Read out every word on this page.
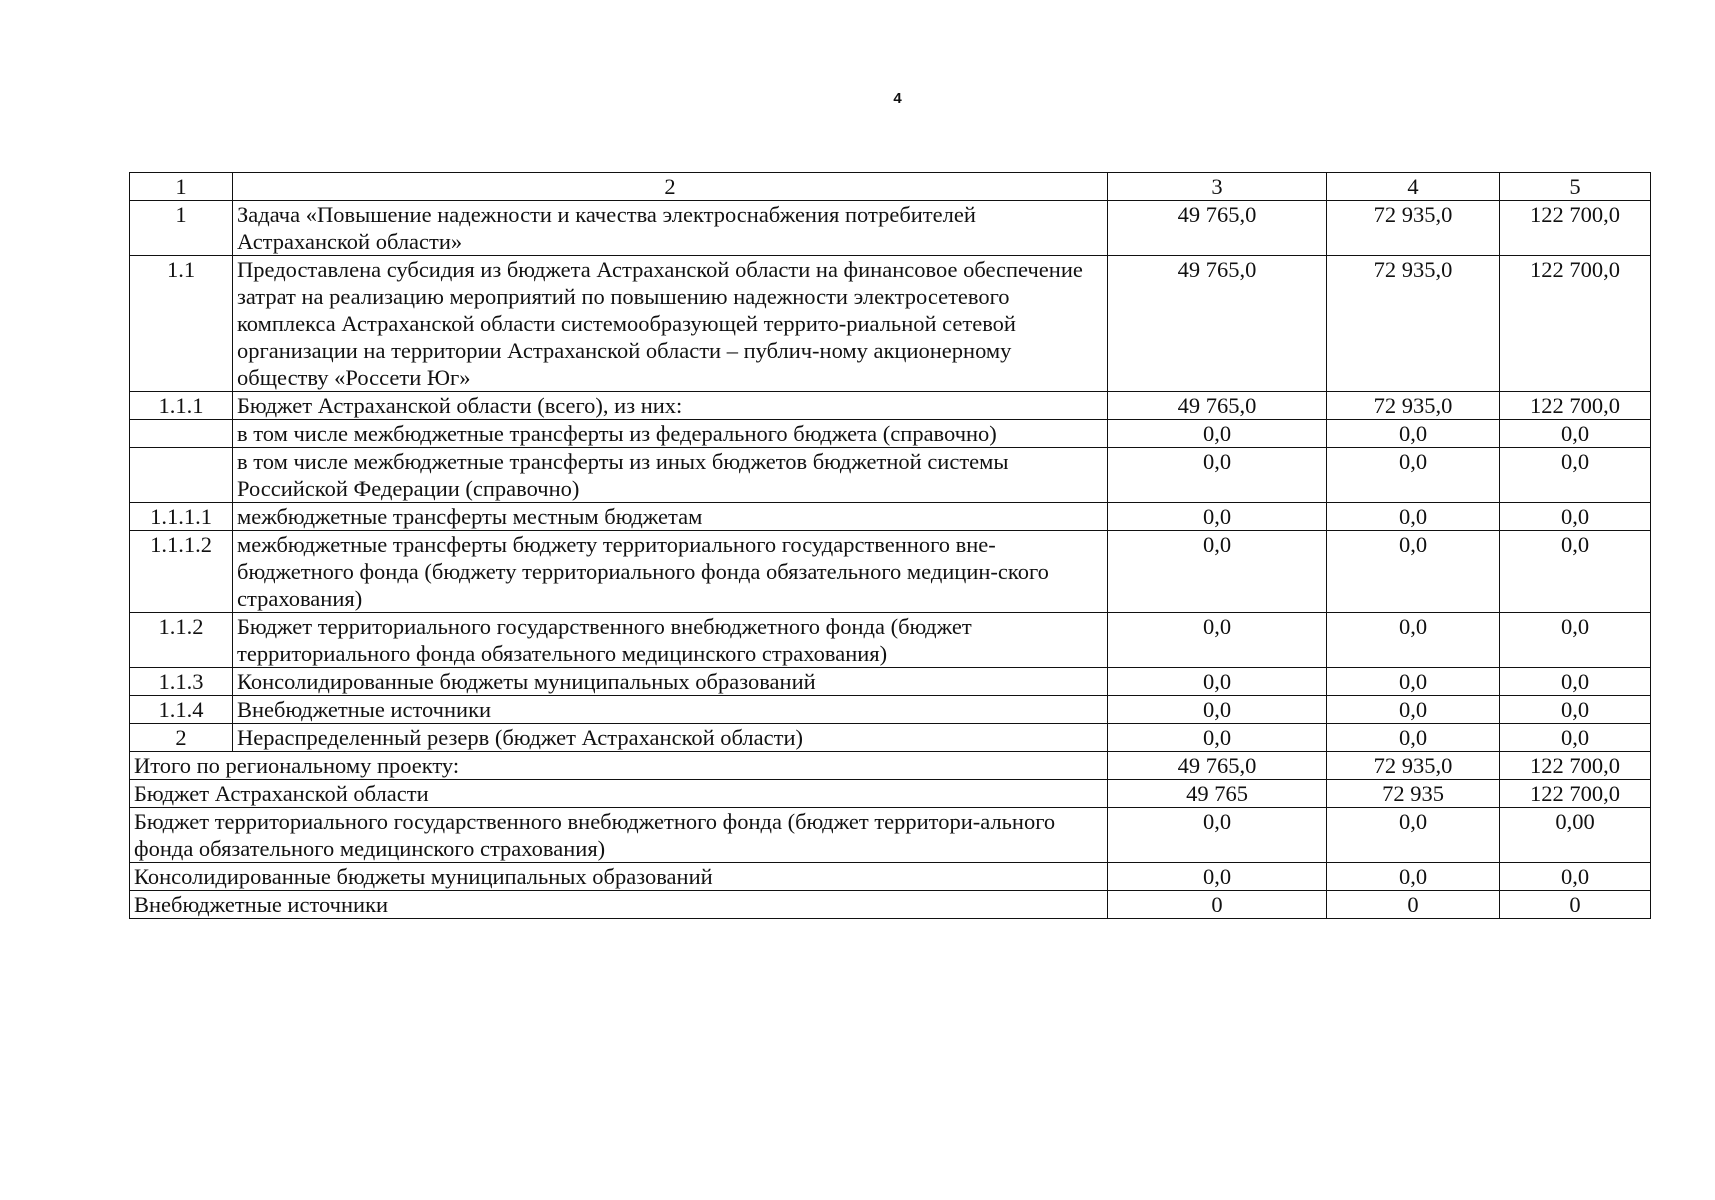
4
1	2	3	4	5
1	Задача «Повышение надежности и качества электроснабжения потребителей Астраханской области»	49 765,0	72 935,0	122 700,0
1.1	Предоставлена субсидия из бюджета Астраханской области на финансовое обеспечение затрат на реализацию мероприятий по повышению надежности электросетевого комплекса Астраханской области системообразующей террито-риальной сетевой организации на территории Астраханской области – публич-ному акционерному обществу «Россети Юг»	49 765,0	72 935,0	122 700,0
1.1.1	Бюджет Астраханской области (всего), из них:	49 765,0	72 935,0	122 700,0
	в том числе межбюджетные трансферты из федерального бюджета (справочно)	0,0	0,0	0,0
	в том числе межбюджетные трансферты из иных бюджетов бюджетной системы Российской Федерации (справочно)	0,0	0,0	0,0
1.1.1.1	межбюджетные трансферты местным бюджетам	0,0	0,0	0,0
1.1.1.2	межбюджетные трансферты бюджету территориального государственного вне-бюджетного фонда (бюджету территориального фонда обязательного медицин-ского страхования)	0,0	0,0	0,0
1.1.2	Бюджет территориального государственного внебюджетного фонда (бюджет территориального фонда обязательного медицинского страхования)	0,0	0,0	0,0
1.1.3	Консолидированные бюджеты муниципальных образований	0,0	0,0	0,0
1.1.4	Внебюджетные источники	0,0	0,0	0,0
2	Нераспределенный резерв (бюджет Астраханской области)	0,0	0,0	0,0
Итого по региональному проекту:		49 765,0	72 935,0	122 700,0
Бюджет Астраханской области		49 765	72 935	122 700,0
Бюджет территориального государственного внебюджетного фонда (бюджет территори-ального фонда обязательного медицинского страхования)		0,0	0,0	0,00
Консолидированные бюджеты муниципальных образований		0,0	0,0	0,0
Внебюджетные источники		0	0	0
